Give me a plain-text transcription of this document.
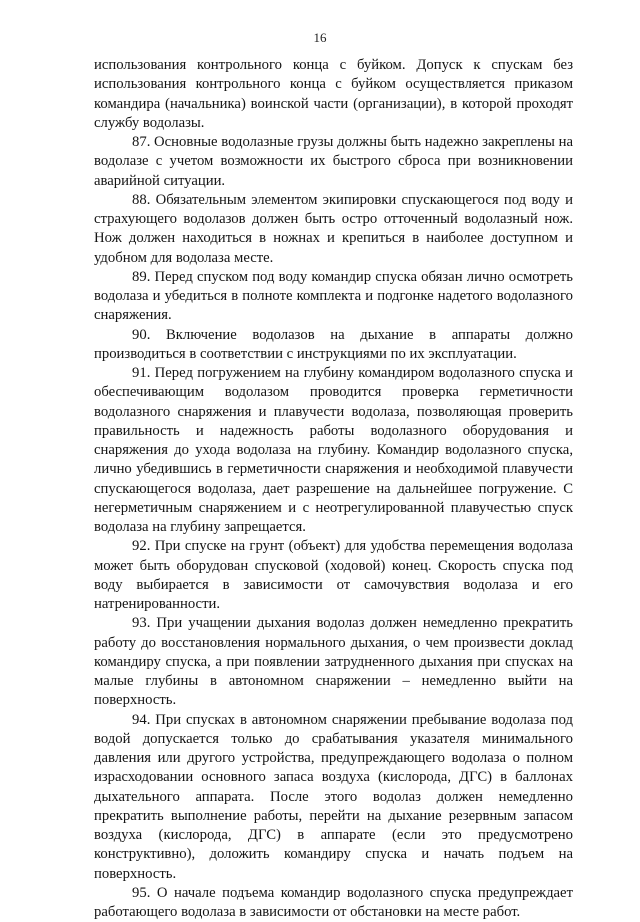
16

использования контрольного конца с буйком. Допуск к спускам без использования контрольного конца с буйком осуществляется приказом командира (начальника) воинской части (организации), в которой проходят службу водолазы.

87. Основные водолазные грузы должны быть надежно закреплены на водолазе с учетом возможности их быстрого сброса при возникновении аварийной ситуации.

88. Обязательным элементом экипировки спускающегося под воду и страхующего водолазов должен быть остро отточенный водолазный нож. Нож должен находиться в ножнах и крепиться в наиболее доступном и удобном для водолаза месте.

89. Перед спуском под воду командир спуска обязан лично осмотреть водолаза и убедиться в полноте комплекта и подгонке надетого водолазного снаряжения.

90. Включение водолазов на дыхание в аппараты должно производиться в соответствии с инструкциями по их эксплуатации.

91. Перед погружением на глубину командиром водолазного спуска и обеспечивающим водолазом проводится проверка герметичности водолазного снаряжения и плавучести водолаза, позволяющая проверить правильность и надежность работы водолазного оборудования и снаряжения до ухода водолаза на глубину. Командир водолазного спуска, лично убедившись в герметичности снаряжения и необходимой плавучести спускающегося водолаза, дает разрешение на дальнейшее погружение. С негерметичным снаряжением и с неотрегулированной плавучестью спуск водолаза на глубину запрещается.

92. При спуске на грунт (объект) для удобства перемещения водолаза может быть оборудован спусковой (ходовой) конец. Скорость спуска под воду выбирается в зависимости от самочувствия водолаза и его натренированности.

93. При учащении дыхания водолаз должен немедленно прекратить работу до восстановления нормального дыхания, о чем произвести доклад командиру спуска, а при появлении затрудненного дыхания при спусках на малые глубины в автономном снаряжении – немедленно выйти на поверхность.

94. При спусках в автономном снаряжении пребывание водолаза под водой допускается только до срабатывания указателя минимального давления или другого устройства, предупреждающего водолаза о полном израсходовании основного запаса воздуха (кислорода, ДГС) в баллонах дыхательного аппарата. После этого водолаз должен немедленно прекратить выполнение работы, перейти на дыхание резервным запасом воздуха (кислорода, ДГС) в аппарате (если это предусмотрено конструктивно), доложить командиру спуска и начать подъем на поверхность.

95. О начале подъема командир водолазного спуска предупреждает работающего водолаза в зависимости от обстановки на месте работ.
